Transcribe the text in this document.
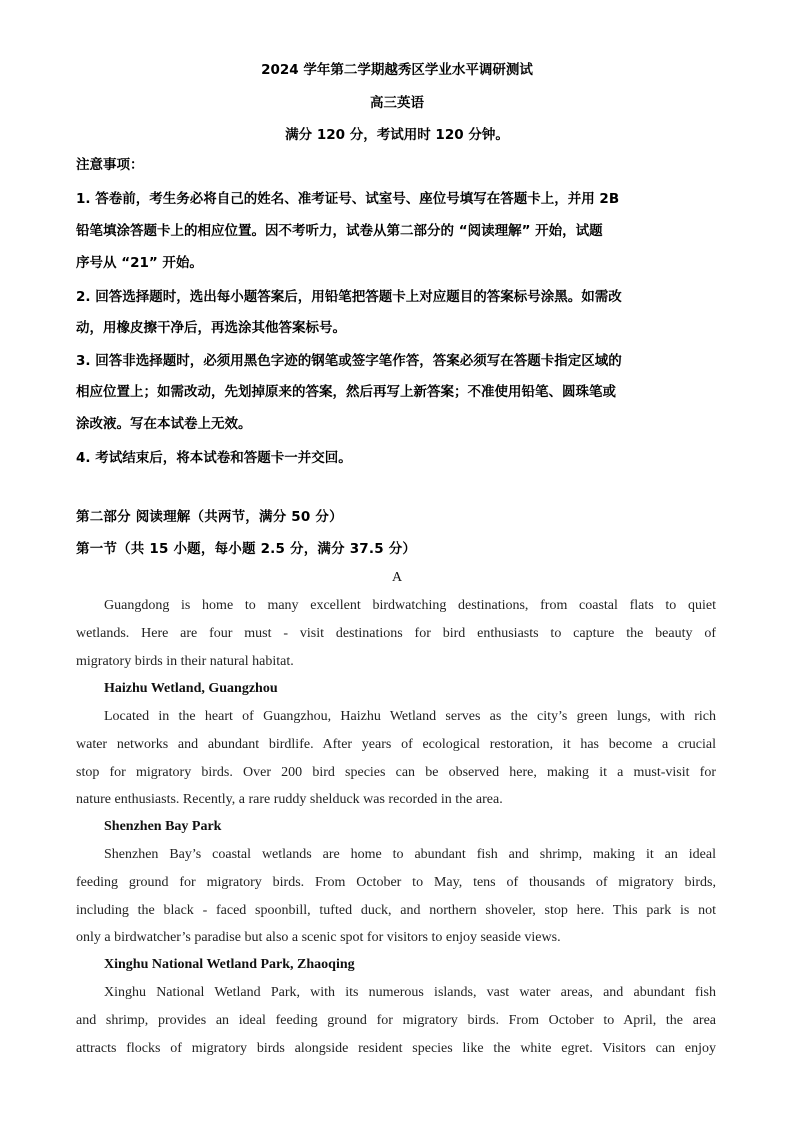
2024 学年第二学期越秀区学业水平调研测试
高三英语
满分 120 分，考试用时 120 分钟。
注意事项：
1. 答卷前，考生务必将自己的姓名、准考证号、试室号、座位号填写在答题卡上，并用 2B
铅笔填涂答题卡上的相应位置。因不考听力，试卷从第二部分的 “阅读理解” 开始，试题
序号从 “21” 开始。
2. 回答选择题时，选出每小题答案后，用铅笔把答题卡上对应题目的答案标号涂黑。如需改
动，用橡皮擦干净后，再选涂其他答案标号。
3. 回答非选择题时，必须用黑色字迹的钢笔或签字笔作答，答案必须写在答题卡指定区域的
相应位置上；如需改动，先划掉原来的答案，然后再写上新答案；不准使用铅笔、圆珠笔或
涂改液。写在本试卷上无效。
4. 考试结束后，将本试卷和答题卡一并交回。
第二部分 阅读理解（共两节，满分 50 分）
第一节（共 15 小题，每小题 2.5 分，满分 37.5 分）
A
Guangdong is home to many excellent birdwatching destinations, from coastal flats to quiet
wetlands. Here are four must - visit destinations for bird enthusiasts to capture the beauty of
migratory birds in their natural habitat.
Haizhu Wetland, Guangzhou
Located in the heart of Guangzhou, Haizhu Wetland serves as the city’s green lungs, with rich
water networks and abundant birdlife. After years of ecological restoration, it has become a crucial
stop for migratory birds. Over 200 bird species can be observed here, making it a must-visit for
nature enthusiasts. Recently, a rare ruddy shelduck was recorded in the area.
Shenzhen Bay Park
Shenzhen Bay’s coastal wetlands are home to abundant fish and shrimp, making it an ideal
feeding ground for migratory birds. From October to May, tens of thousands of migratory birds,
including the black - faced spoonbill, tufted duck, and northern shoveler, stop here. This park is not
only a birdwatcher’s paradise but also a scenic spot for visitors to enjoy seaside views.
Xinghu National Wetland Park, Zhaoqing
Xinghu National Wetland Park, with its numerous islands, vast water areas, and abundant fish
and shrimp, provides an ideal feeding ground for migratory birds. From October to April, the area
attracts flocks of migratory birds alongside resident species like the white egret. Visitors can enjoy
